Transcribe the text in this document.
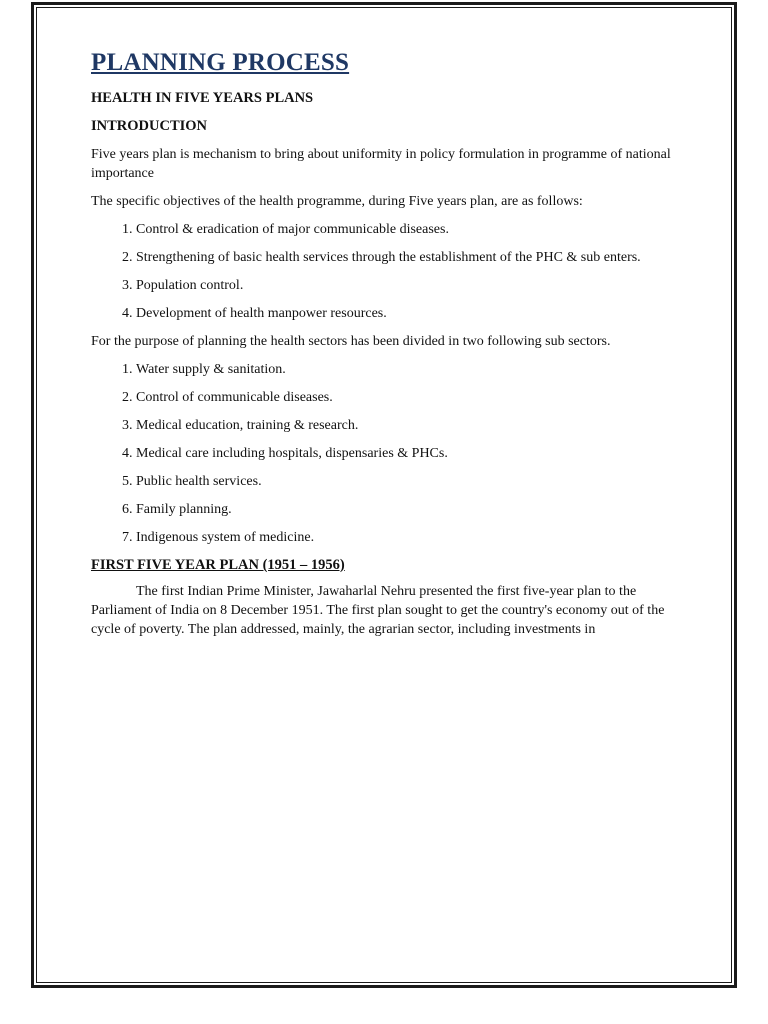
PLANNING PROCESS
HEALTH IN FIVE YEARS PLANS
INTRODUCTION

Five years plan is mechanism to bring about uniformity in policy formulation in programme of national importance

The specific objectives of the health programme, during Five years plan, are as follows:

1. Control & eradication of major communicable diseases.
2. Strengthening of basic health services through the establishment of the PHC & sub enters.
3. Population control.
4. Development of health manpower resources.

For the purpose of planning the health sectors has been divided in two following sub sectors.

1. Water supply & sanitation.
2. Control of communicable diseases.
3. Medical education, training & research.
4. Medical care including hospitals, dispensaries & PHCs.
5. Public health services.
6. Family planning.
7. Indigenous system of medicine.
FIRST FIVE YEAR PLAN (1951 – 1956)

The first Indian Prime Minister, Jawaharlal Nehru presented the first five-year plan to the Parliament of India on 8 December 1951. The first plan sought to get the country's economy out of the cycle of poverty. The plan addressed, mainly, the agrarian sector, including investments in
